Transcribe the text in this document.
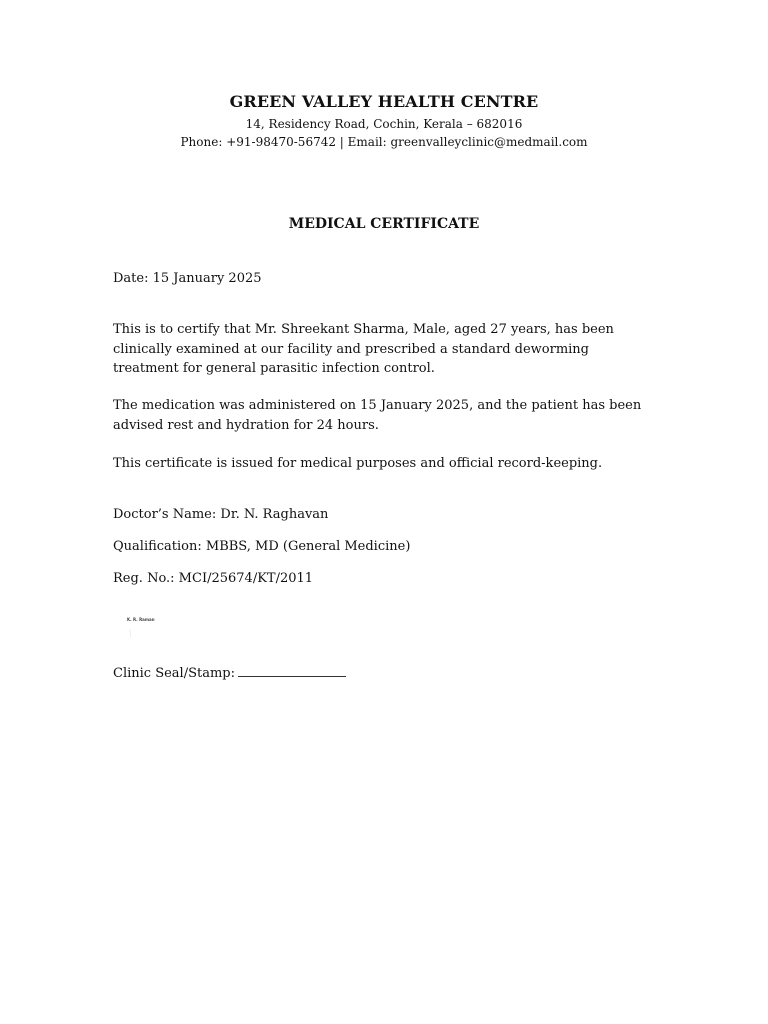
GREEN VALLEY HEALTH CENTRE
14, Residency Road, Cochin, Kerala – 682016
Phone: +91-98470-56742 | Email: greenvalleyclinic@medmail.com
MEDICAL CERTIFICATE
Date: 15 January 2025
This is to certify that Mr. Shreekant Sharma, Male, aged 27 years, has been clinically examined at our facility and prescribed a standard deworming treatment for general parasitic infection control.
The medication was administered on 15 January 2025, and the patient has been advised rest and hydration for 24 hours.
This certificate is issued for medical purposes and official record-keeping.
Doctor’s Name: Dr. N. Raghavan
Qualification: MBBS, MD (General Medicine)
Reg. No.: MCI/25674/KT/2011
K. R. Raman
Clinic Seal/Stamp:
